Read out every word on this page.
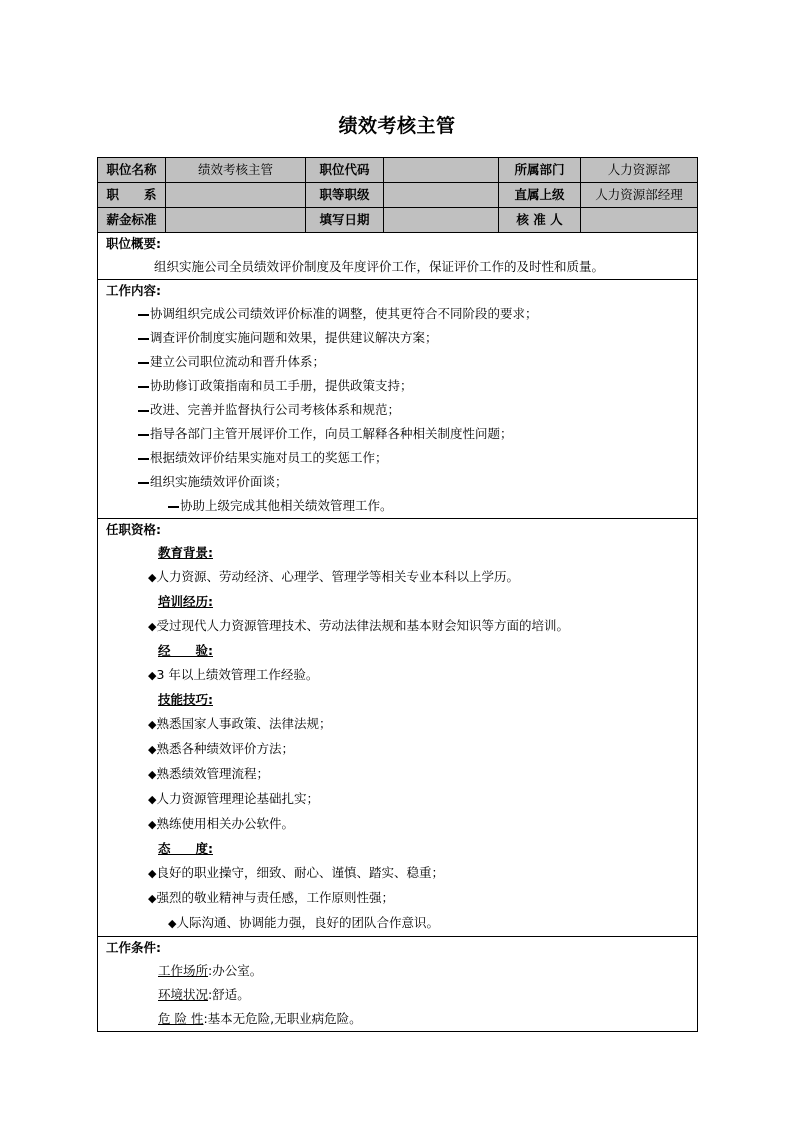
绩效考核主管
职位名称	绩效考核主管	职位代码		所属部门	人力资源部
职　　系		职等职级		直属上级	人力资源部经理
薪金标准		填写日期		核 准 人	

职位概要:
组织实施公司全员绩效评价制度及年度评价工作，保证评价工作的及时性和质量。					

工作内容:
协调组织完成公司绩效评价标准的调整，使其更符合不同阶段的要求；
调查评价制度实施问题和效果，提供建议解决方案；
建立公司职位流动和晋升体系；
协助修订政策指南和员工手册，提供政策支持；
改进、完善并监督执行公司考核体系和规范；
指导各部门主管开展评价工作，向员工解释各种相关制度性问题；
根据绩效评价结果实施对员工的奖惩工作；
组织实施绩效评价面谈；
协助上级完成其他相关绩效管理工作。

任职资格:
教育背景:
◆人力资源、劳动经济、心理学、管理学等相关专业本科以上学历。
培训经历:
◆受过现代人力资源管理技术、劳动法律法规和基本财会知识等方面的培训。
经　　验:
◆3 年以上绩效管理工作经验。
技能技巧:
◆熟悉国家人事政策、法律法规；
◆熟悉各种绩效评价方法；
◆熟悉绩效管理流程；
◆人力资源管理理论基础扎实；
◆熟练使用相关办公软件。
态　　度:
◆良好的职业操守，细致、耐心、谨慎、踏实、稳重；
◆强烈的敬业精神与责任感，工作原则性强；
◆人际沟通、协调能力强，良好的团队合作意识。

工作条件:
工作场所:办公室。
环境状况:舒适。
危 险 性:基本无危险,无职业病危险。					
